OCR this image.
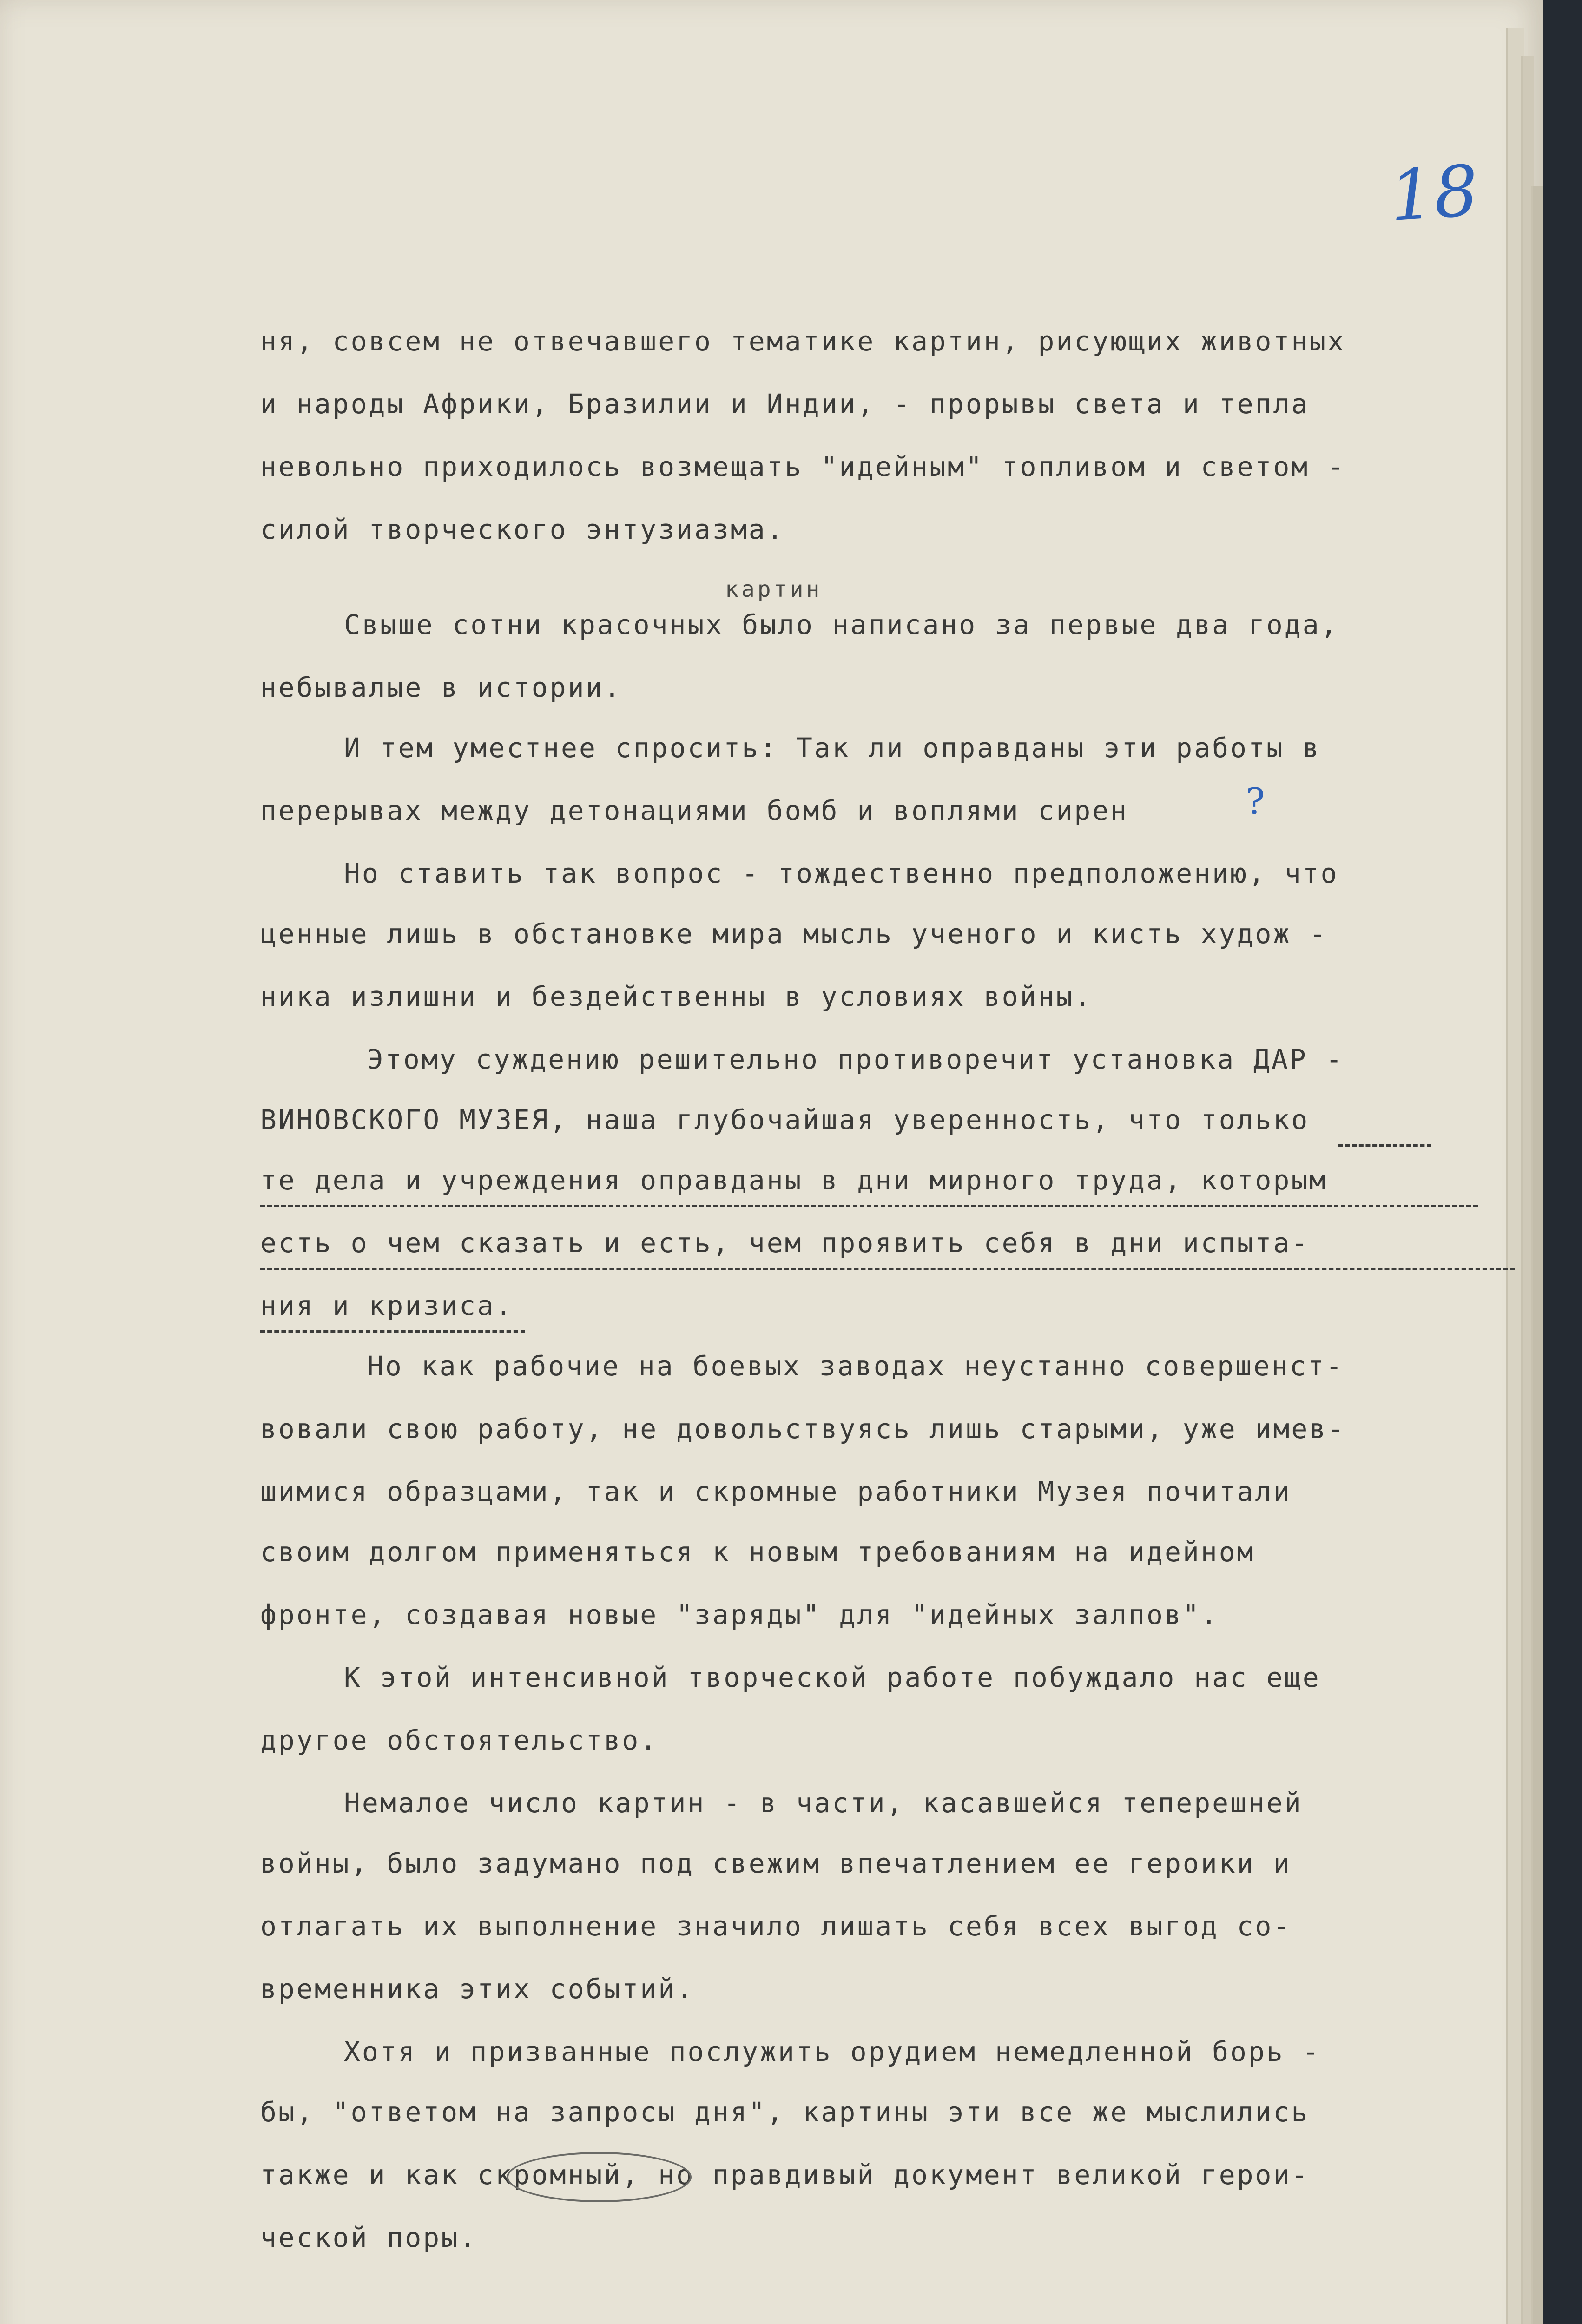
18
ня, совсем не отвечавшего тематике картин, рисующих животных
и народы Африки, Бразилии и Индии, - прорывы света и тепла
невольно приходилось возмещать "идейным" топливом и светом -
силой творческого энтузиазма.
картин
Свыше сотни красочных было написано за первые два года,
небывалые в истории.
И тем уместнее спросить: Так ли оправданы эти работы в
перерывах между детонациями бомб и воплями сирен	?
Но ставить так вопрос - тождественно предположению, что
ценные лишь в обстановке мира мысль ученого и кисть худож -
ника излишни и бездейственны в условиях войны.
Этому суждению решительно противоречит установка ДАР -
ВИНОВСКОГО МУЗЕЯ, наша глубочайшая уверенность, что только
те дела и учреждения оправданы в дни мирного труда, которым
есть о чем сказать и есть, чем проявить себя в дни испыта-
ния и кризиса.
Но как рабочие на боевых заводах неустанно совершенст-
вовали свою работу, не довольствуясь лишь старыми, уже имев-
шимися образцами, так и скромные работники Музея почитали
своим долгом применяться к новым требованиям на идейном
фронте, создавая новые "заряды" для "идейных залпов".
К этой интенсивной творческой работе побуждало нас еще
другое обстоятельство.
Немалое число картин - в части, касавшейся теперешней
войны, было задумано под свежим впечатлением ее героики и
отлагать их выполнение значило лишать себя всех выгод со-
временника этих событий.
Хотя и призванные послужить орудием немедленной борь -
бы, "ответом на запросы дня", картины эти все же мыслились
также и как скромный, но правдивый документ великой герои-
ческой поры.
